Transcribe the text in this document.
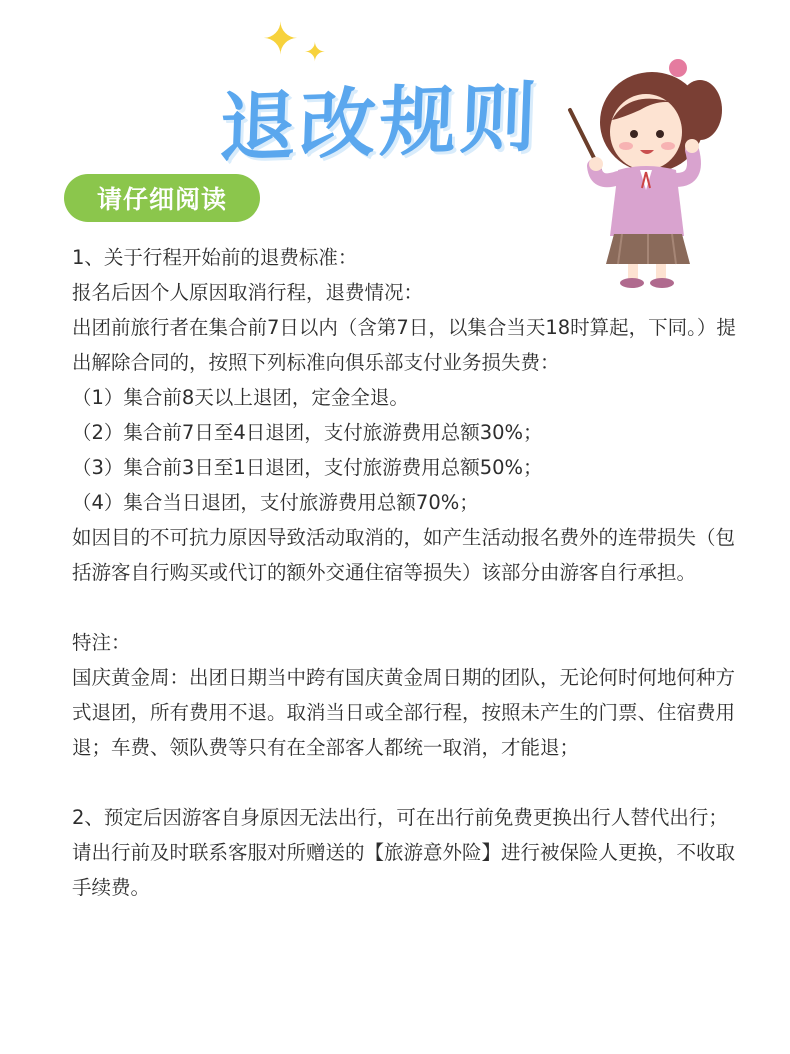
✦ ✦
退改规则
请仔细阅读

1、关于行程开始前的退费标准：

报名后因个人原因取消行程，退费情况：

出团前旅行者在集合前7日以内（含第7日，以集合当天18时算起，下同。）提出解除合同的，按照下列标准向俱乐部支付业务损失费：

（1）集合前8天以上退团，定金全退。

（2）集合前7日至4日退团，支付旅游费用总额30%；

（3）集合前3日至1日退团，支付旅游费用总额50%；

（4）集合当日退团，支付旅游费用总额70%；

如因目的不可抗力原因导致活动取消的，如产生活动报名费外的连带损失（包括游客自行购买或代订的额外交通住宿等损失）该部分由游客自行承担。

特注：

国庆黄金周：出团日期当中跨有国庆黄金周日期的团队，无论何时何地何种方式退团，所有费用不退。取消当日或全部行程，按照未产生的门票、住宿费用退；车费、领队费等只有在全部客人都统一取消，才能退；

2、预定后因游客自身原因无法出行，可在出行前免费更换出行人替代出行；请出行前及时联系客服对所赠送的【旅游意外险】进行被保险人更换，不收取手续费。
